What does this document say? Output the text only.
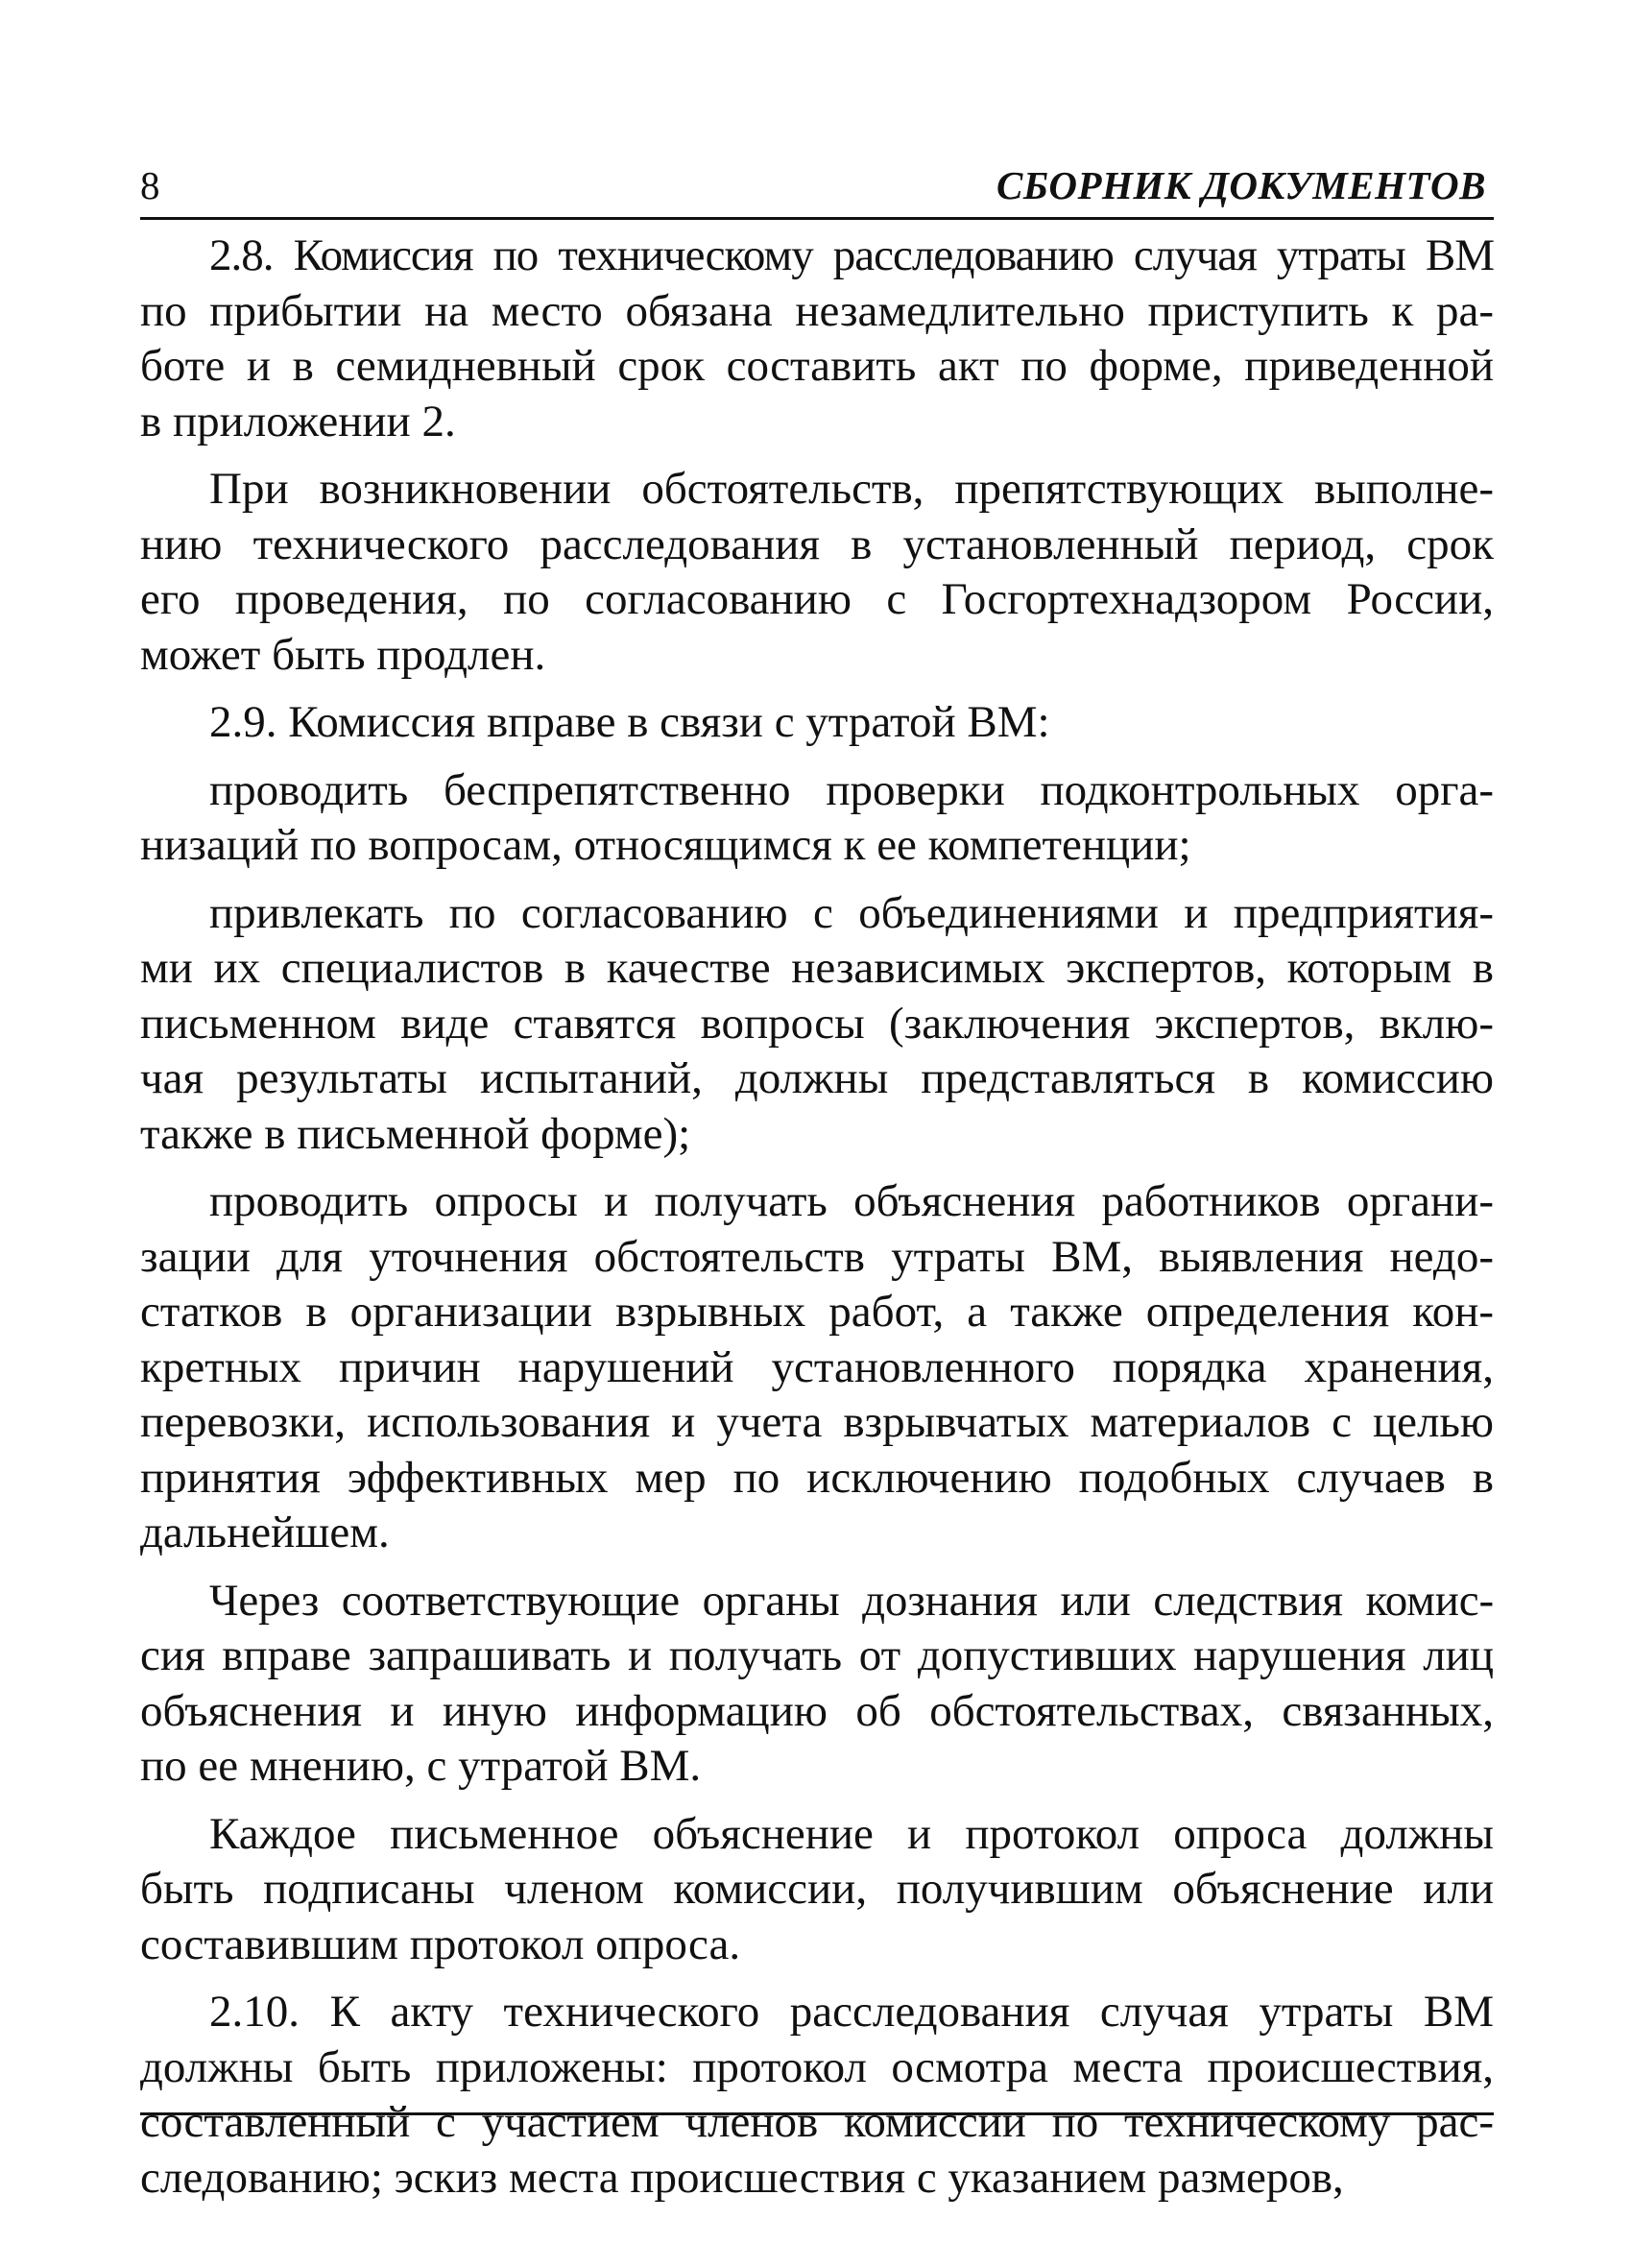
8	СБОРНИК ДОКУМЕНТОВ
2.8. Комиссия по техническому расследованию случая утраты ВМ
по прибытии на место обязана незамедлительно приступить к ра-
боте и в семидневный срок составить акт по форме, приведенной
в приложении 2.
При возникновении обстоятельств, препятствующих выполне-
нию технического расследования в установленный период, срок
его проведения, по согласованию с Госгортехнадзором России,
может быть продлен.
2.9. Комиссия вправе в связи с утратой ВМ:
проводить беспрепятственно проверки подконтрольных орга-
низаций по вопросам, относящимся к ее компетенции;
привлекать по согласованию с объединениями и предприятия-
ми их специалистов в качестве независимых экспертов, которым в
письменном виде ставятся вопросы (заключения экспертов, вклю-
чая результаты испытаний, должны представляться в комиссию
также в письменной форме);
проводить опросы и получать объяснения работников органи-
зации для уточнения обстоятельств утраты ВМ, выявления недо-
статков в организации взрывных работ, а также определения кон-
кретных причин нарушений установленного порядка хранения,
перевозки, использования и учета взрывчатых материалов с целью
принятия эффективных мер по исключению подобных случаев в
дальнейшем.
Через соответствующие органы дознания или следствия комис-
сия вправе запрашивать и получать от допустивших нарушения лиц
объяснения и иную информацию об обстоятельствах, связанных,
по ее мнению, с утратой ВМ.
Каждое письменное объяснение и протокол опроса должны
быть подписаны членом комиссии, получившим объяснение или
составившим протокол опроса.
2.10. К акту технического расследования случая утраты ВМ
должны быть приложены: протокол осмотра места происшествия,
составленный с участием членов комиссии по техническому рас-
следованию; эскиз места происшествия с указанием размеров,
